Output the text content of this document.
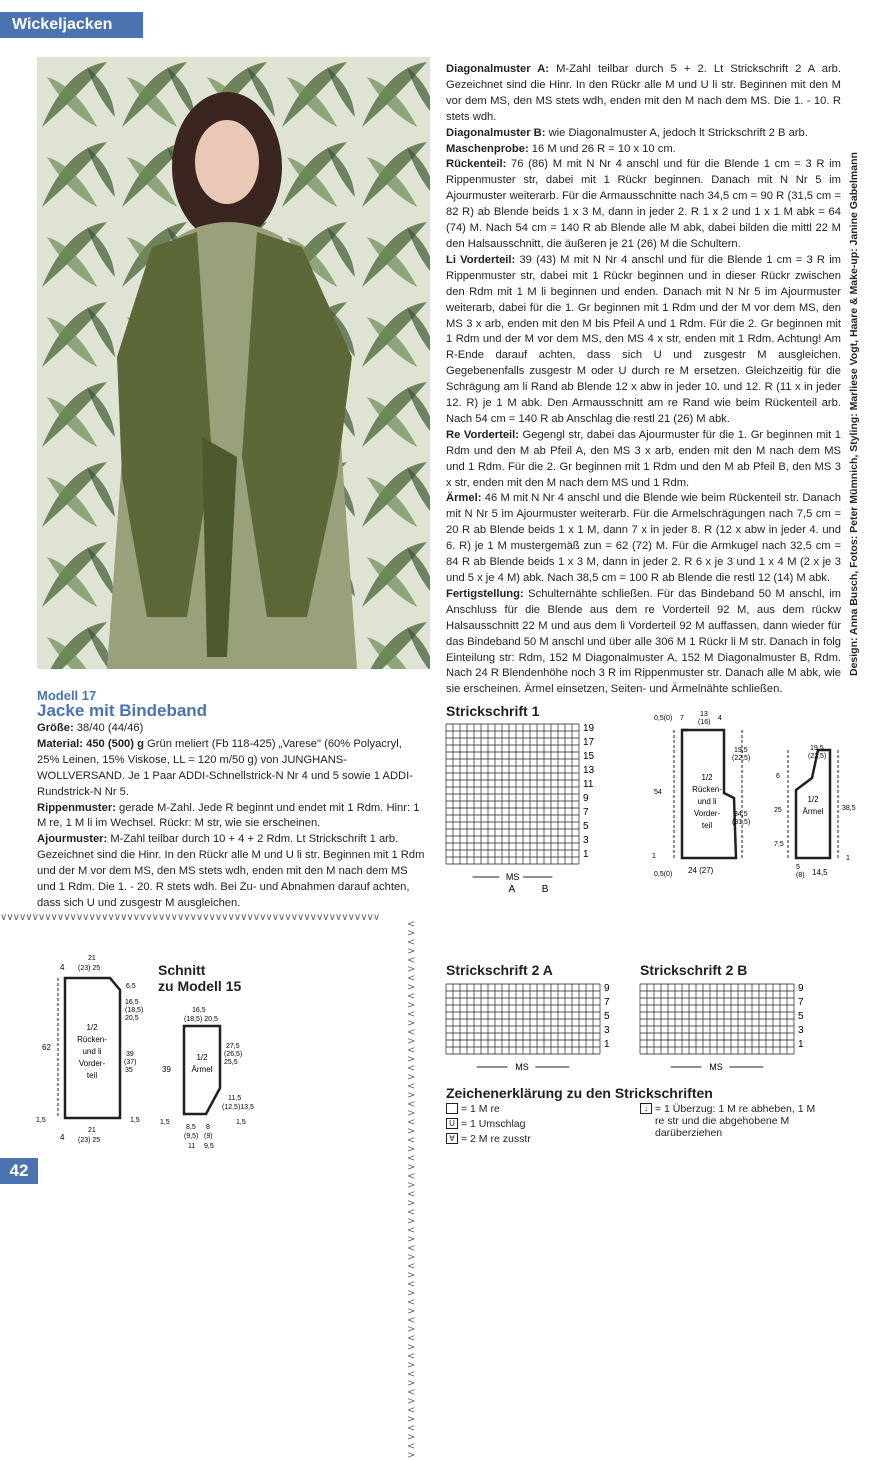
Wickeljacken

Diagonalmuster A: M-Zahl teilbar durch 5 + 2. Lt Strickschrift 2 A arb. Gezeichnet sind die Hinr. In den Rückr alle M und U li str. Beginnen mit den M vor dem MS, den MS stets wdh, enden mit den M nach dem MS. Die 1. - 10. R stets wdh.

Diagonalmuster B: wie Diagonalmuster A, jedoch lt Strickschrift 2 B arb.

Maschenprobe: 16 M und 26 R = 10 x 10 cm.

Rückenteil: 76 (86) M mit N Nr 4 anschl und für die Blende 1 cm = 3 R im Rippenmuster str, dabei mit 1 Rückr beginnen. Danach mit N Nr 5 im Ajourmuster weiterarb. Für die Armausschnitte nach 34,5 cm = 90 R (31,5 cm = 82 R) ab Blende beids 1 x 3 M, dann in jeder 2. R 1 x 2 und 1 x 1 M abk = 64 (74) M. Nach 54 cm = 140 R ab Blende alle M abk, dabei bilden die mittl 22 M den Halsausschnitt, die äußeren je 21 (26) M die Schultern.

Li Vorderteil: 39 (43) M mit N Nr 4 anschl und für die Blende 1 cm = 3 R im Rippenmuster str, dabei mit 1 Rückr beginnen und in dieser Rückr zwischen den Rdm mit 1 M li beginnen und enden. Danach mit N Nr 5 im Ajourmuster weiterarb, dabei für die 1. Gr beginnen mit 1 Rdm und der M vor dem MS, den MS 3 x arb, enden mit den M bis Pfeil A und 1 Rdm. Für die 2. Gr beginnen mit 1 Rdm und der M vor dem MS, den MS 4 x str, enden mit 1 Rdm. Achtung! Am R-Ende darauf achten, dass sich U und zusgestr M ausgleichen. Gegebenenfalls zusgestr M oder U durch re M ersetzen. Gleichzeitig für die Schrägung am li Rand ab Blende 12 x abw in jeder 10. und 12. R (11 x in jeder 12. R) je 1 M abk. Den Armausschnitt am re Rand wie beim Rückenteil arb. Nach 54 cm = 140 R ab Anschlag die restl 21 (26) M abk.

Re Vorderteil: Gegengl str, dabei das Ajourmuster für die 1. Gr beginnen mit 1 Rdm und den M ab Pfeil A, den MS 3 x arb, enden mit den M nach dem MS und 1 Rdm. Für die 2. Gr beginnen mit 1 Rdm und den M ab Pfeil B, den MS 3 x str, enden mit den M nach dem MS und 1 Rdm.

Ärmel: 46 M mit N Nr 4 anschl und die Blende wie beim Rückenteil str. Danach mit N Nr 5 im Ajourmuster weiterarb. Für die Armelschrägungen nach 7,5 cm = 20 R ab Blende beids 1 x 1 M, dann 7 x in jeder 8. R (12 x abw in jeder 4. und 6. R) je 1 M mustergemäß zun = 62 (72) M. Für die Armkugel nach 32,5 cm = 84 R ab Blende beids 1 x 3 M, dann in jeder 2. R 6 x je 3 und 1 x 4 M (2 x je 3 und 5 x je 4 M) abk. Nach 38,5 cm = 100 R ab Blende die restl 12 (14) M abk.

Fertigstellung: Schulternähte schließen. Für das Bindeband 50 M anschl, im Anschluss für die Blende aus dem re Vorderteil 92 M, aus dem rückw Halsausschnitt 22 M und aus dem li Vorderteil 92 M auffassen, dann wieder für das Bindeband 50 M anschl und über alle 306 M 1 Rückr li M str. Danach in folg Einteilung str: Rdm, 152 M Diagonalmuster A, 152 M Diagonalmuster B, Rdm. Nach 24 R Blendenhöhe noch 3 R im Rippenmuster str. Danach alle M abk, wie sie erscheinen. Ärmel einsetzen, Seiten- und Ärmelnähte schließen.

Design: Anna Busch, Fotos: Peter Mümnich, Styling: Marliese Vogt, Haare & Make-up: Janine Gabelmann
Modell 17
Jacke mit Bindeband

Größe: 38/40 (44/46)

Material: 450 (500) g Grün meliert (Fb 118-425) „Varese" (60% Polyacryl, 25% Leinen, 15% Viskose, LL = 120 m/50 g) von JUNGHANS-WOLLVERSAND. Je 1 Paar ADDI-Schnellstrick-N Nr 4 und 5 sowie 1 ADDI-Rundstrick-N Nr 5.

Rippenmuster: gerade M-Zahl. Jede R beginnt und endet mit 1 Rdm. Hinr: 1 M re, 1 M li im Wechsel. Rückr: M str, wie sie erscheinen.

Ajourmuster: M-Zahl teilbar durch 10 + 4 + 2 Rdm. Lt Strickschrift 1 arb. Gezeichnet sind die Hinr. In den Rückr alle M und U li str. Beginnen mit 1 Rdm und der M vor dem MS, den MS stets wdh, enden mit den M nach dem MS und 1 Rdm. Die 1. - 20. R stets wdh. Bei Zu- und Abnahmen darauf achten, dass sich U und zusgestr M ausgleichen.

∨∨∨∨∨∨∨∨∨∨∨∨∨∨∨∨∨∨∨∨∨∨∨∨∨∨∨∨∨∨∨∨∨∨∨∨∨∨∨∨∨∨∨∨∨∨∨∨∨∨∨∨∨∨∨∨∨∨∨∨
<><><><><><><><><><><><><><><><><><><><><><><><><><><><><><>
Strickschrift 1
19
17
15
13
11
9
7
5
3
1
MS
A	B
0,5(0) 7
13
(16)
4
19,5
(22,5)
54
34,5
(31,5)
0,5(0) 24 (27)
1
1/2
Rücken-
und li
Vorder-
teil
19,5
(22,5)
6
25	38,5
7,5
1
5
(8) 14,5
1/2
Ärmel
Schnitt
zu Modell 15
4
21
(23) 25
6,5
16,5
(18,5)
20,5
62
39
(37)
35
1,5	1,5
4
21
(23) 25
1/2
Rücken-
und li
Vorder-
teil
16,5
(18,5) 20,5
27,5
(26,5)
25,5
39
11,5
(12,5)13,5
1,5	1,5
8,5
(9,5)
8
(9)
11 9,5
1/2
Ärmel
Strickschrift 2 A
9
7
5
3
1
MS
Strickschrift 2 B
9
7
5
3
1
MS
Zeichenerklärung zu den Strickschriften
= 1 M re
U = 1 Umschlag
∀ = 2 M re zusstr
↓ = 1 Überzug: 1 M re abheben, 1 M re str und die abgehobene M darüberziehen
42
